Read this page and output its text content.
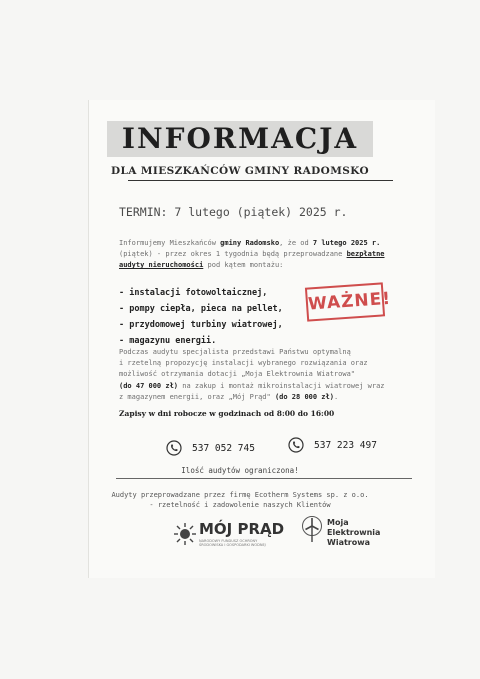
INFORMACJA
DLA MIESZKAŃCÓW GMINY RADOMSKO
TERMIN: 7 lutego (piątek) 2025 r.
Informujemy Mieszkańców gminy Radomsko, że od 7 lutego 2025 r.
(piątek) - przez okres 1 tygodnia będą przeprowadzane bezpłatne
audyty nieruchomości pod kątem montażu:
- instalacji fotowoltaicznej,
- pompy ciepła, pieca na pellet,
- przydomowej turbiny wiatrowej,
- magazynu energii.
WAŻNE!
Podczas audytu specjalista przedstawi Państwu optymalną
i rzetelną propozycję instalacji wybranego rozwiązania oraz
możliwość otrzymania dotacji „Moja Elektrownia Wiatrowa"
(do 47 000 zł) na zakup i montaż mikroinstalacji wiatrowej wraz
z magazynem energii, oraz „Mój Prąd" (do 28 000 zł).
Zapisy w dni robocze w godzinach od 8:00 do 16:00
537 052 745	537 223 497
Ilość audytów ograniczona!
Audyty przeprowadzane przez firmę Ecotherm Systems sp. z o.o.
- rzetelność i zadowolenie naszych Klientów
MÓJ PRĄD
NARODOWY FUNDUSZ OCHRONY ŚRODOWISKA I GOSPODARKI WODNEJ
Moja
Elektrownia
Wiatrowa
